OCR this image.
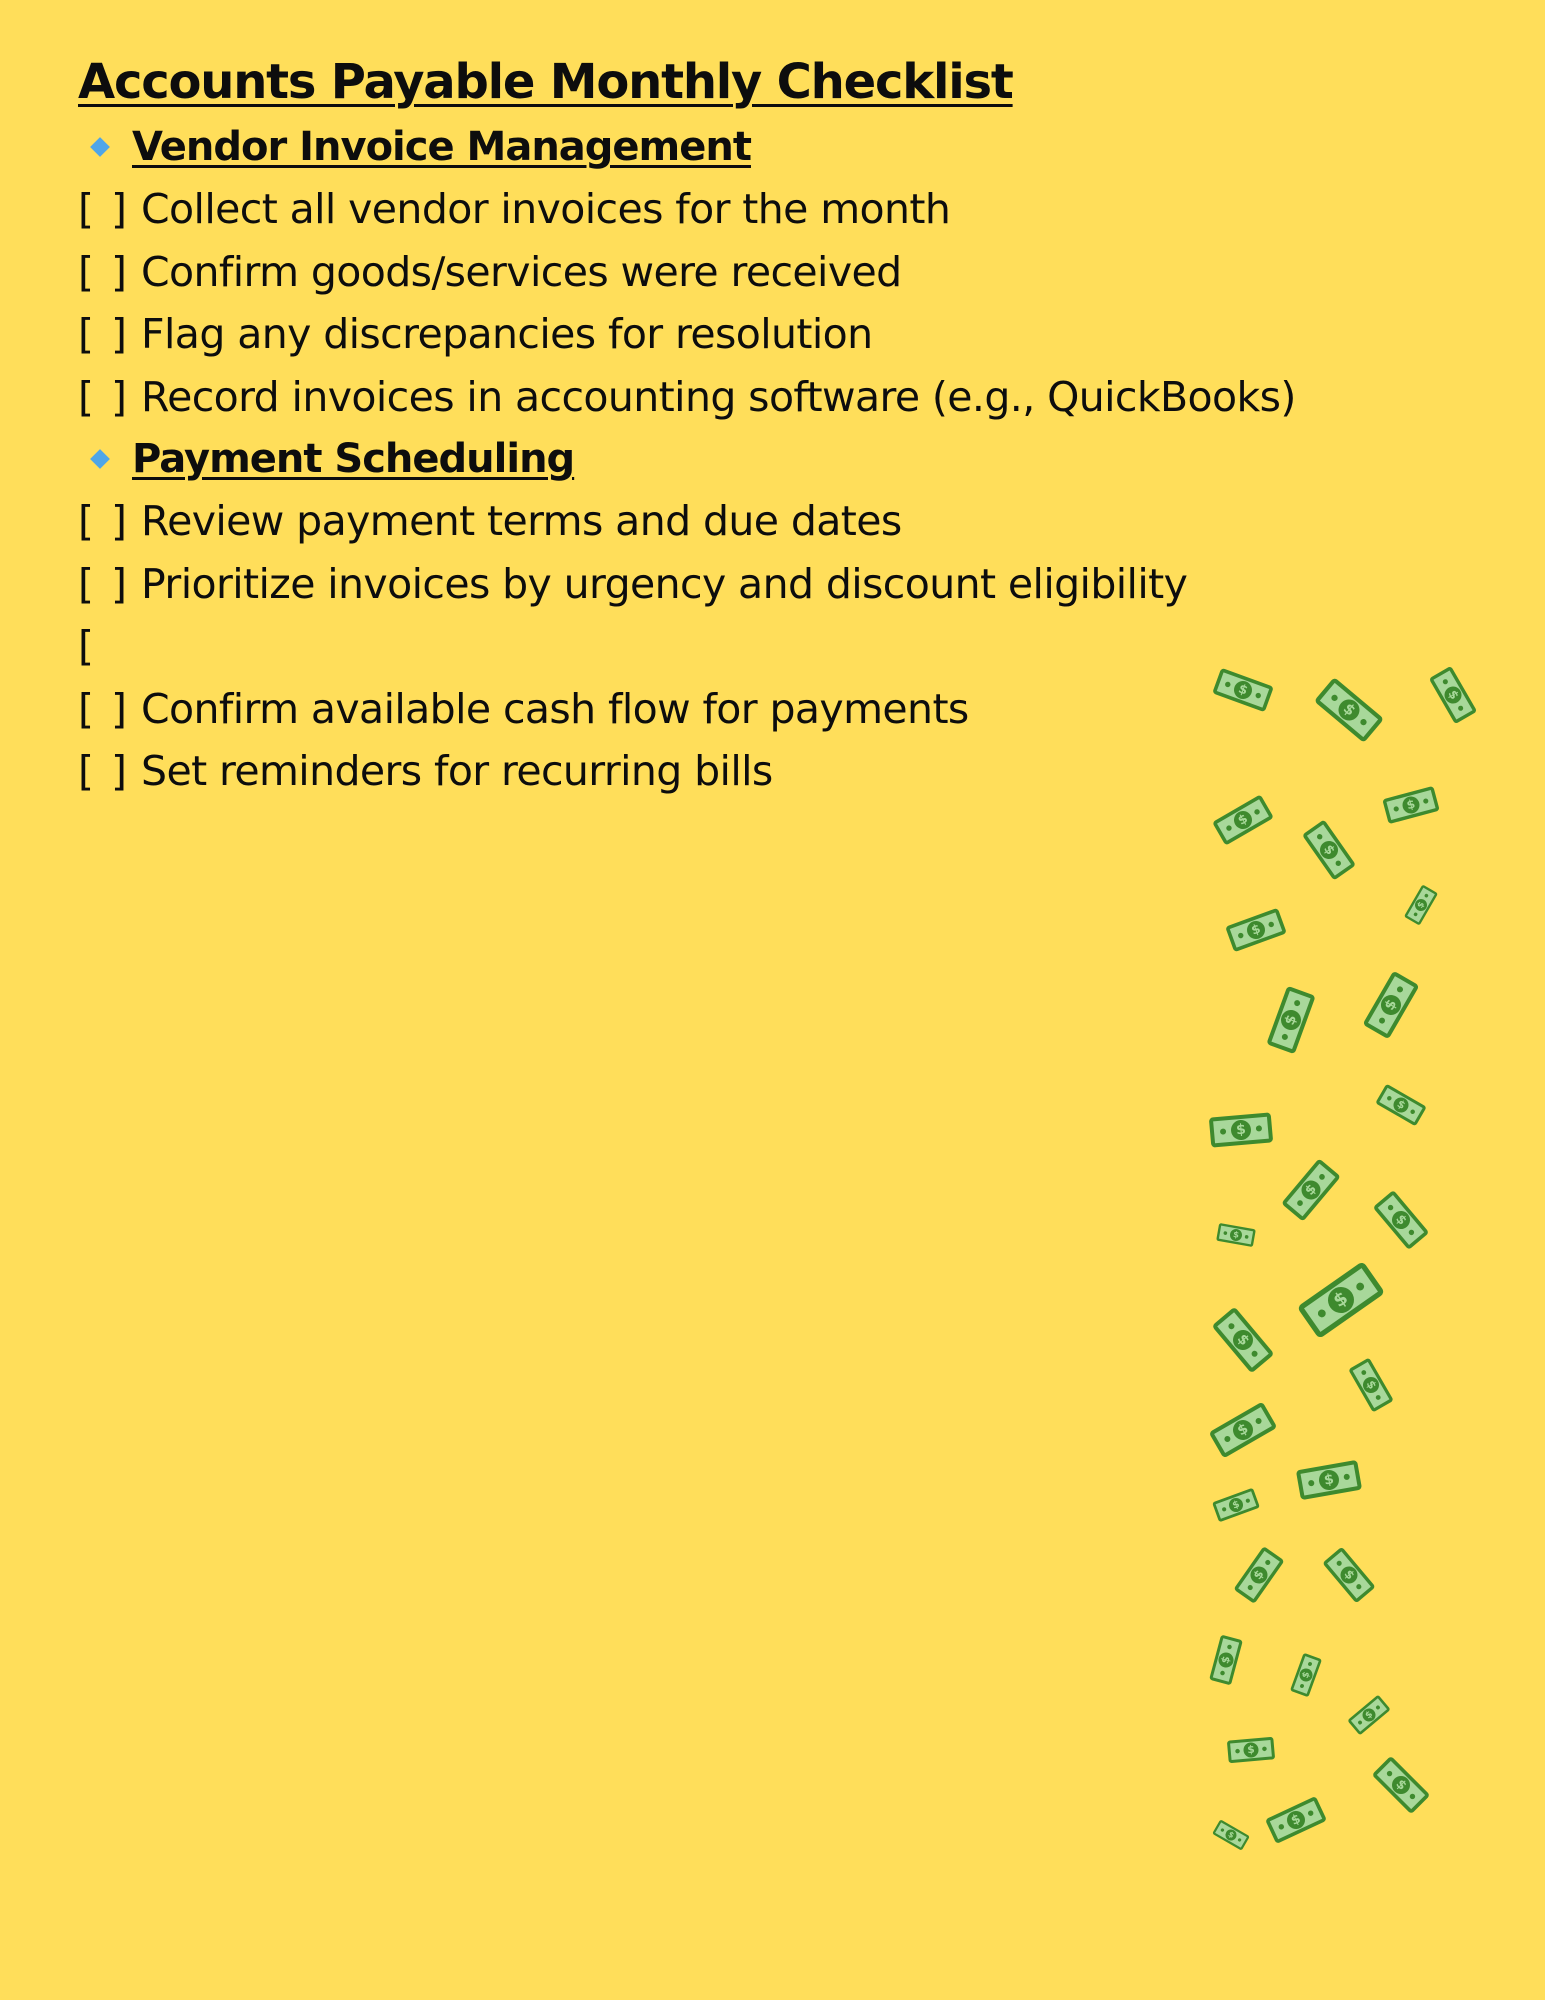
Accounts Payable Monthly Checklist
Vendor Invoice Management
[ ] Collect all vendor invoices for the month
[ ] Confirm goods/services were received
[ ] Flag any discrepancies for resolution
[ ] Record invoices in accounting software (e.g., QuickBooks)
Payment Scheduling
[ ] Review payment terms and due dates
[ ] Prioritize invoices by urgency and discount eligibility
[
[ ] Confirm available cash flow for payments
[ ] Set reminders for recurring bills
$
$
$
$
$
$
$
$
$
$
$
$
$
$
$
$
$
$
$
$
$
$
$
$
$
$
$
$
$
$
